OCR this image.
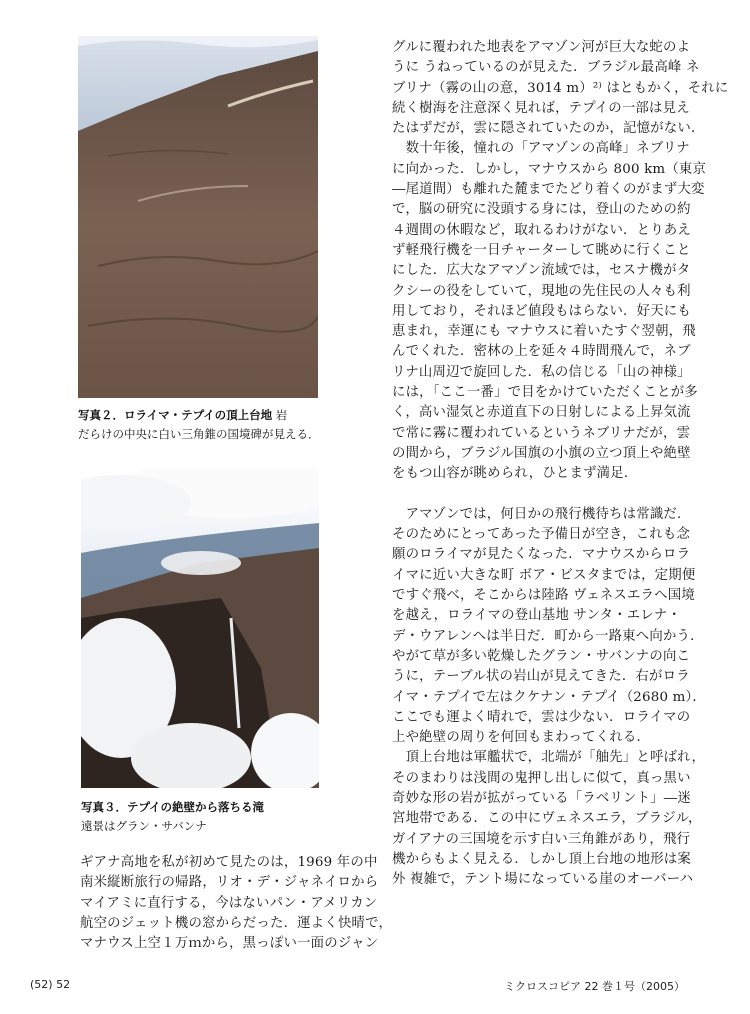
写真２．ロライマ・テプイの頂上台地 岩
だらけの中央に白い三角錐の国境碑が見える．
写真３．テプイの絶壁から落ちる滝
遠景はグラン・サバンナ

グルに覆われた地表をアマゾン河が巨大な蛇のよ

うに うねっているのが見えた．ブラジル最高峰 ネ

ブリナ（霧の山の意，3014 m）²⁾ はともかく，それに

続く樹海を注意深く見れば，テプイの一部は見え

たはずだが，雲に隠されていたのか，記憶がない．

　数十年後，憧れの「アマゾンの高峰」ネブリナ

に向かった．しかし，マナウスから 800 km（東京

―尾道間）も離れた麓までたどり着くのがまず大変

で，脳の研究に没頭する身には，登山のための約

４週間の休暇など，取れるわけがない．とりあえ

ず軽飛行機を一日チャーターして眺めに行くこと

にした．広大なアマゾン流域では，セスナ機がタ

クシーの役をしていて，現地の先住民の人々も利

用しており，それほど値段もはらない．好天にも

恵まれ，幸運にも マナウスに着いたすぐ翌朝，飛

んでくれた．密林の上を延々４時間飛んで，ネブ

リナ山周辺で旋回した．私の信じる「山の神様」

には，「ここ一番」で目をかけていただくことが多

く，高い湿気と赤道直下の日射しによる上昇気流

で常に霧に覆われているというネブリナだが，雲

の間から，ブラジル国旗の小旗の立つ頂上や絶壁

をもつ山容が眺められ，ひとまず満足．

　アマゾンでは，何日かの飛行機待ちは常識だ．

そのためにとってあった予備日が空き，これも念

願のロライマが見たくなった．マナウスからロラ

イマに近い大きな町 ボア・ビスタまでは，定期便

ですぐ飛べ，そこからは陸路 ヴェネスエラへ国境

を越え，ロライマの登山基地 サンタ・エレナ・

デ・ウアレンへは半日だ．町から一路東へ向かう．

やがて草が多い乾燥したグラン・サバンナの向こ

うに，テーブル状の岩山が見えてきた．右がロラ

イマ・テプイで左はクケナン・テプイ（2680 m）．

ここでも運よく晴れで，雲は少ない．ロライマの

上や絶壁の周りを何回もまわってくれる．

　頂上台地は軍艦状で，北端が「舳先」と呼ばれ，

そのまわりは浅間の鬼押し出しに似て，真っ黒い

奇妙な形の岩が拡がっている「ラベリント」―迷

宮地帯である．この中にヴェネスエラ，ブラジル，

ガイアナの三国境を示す白い三角錐があり，飛行

機からもよく見える．しかし頂上台地の地形は案

外 複雑で，テント場になっている崖のオーバーハ

ギアナ高地を私が初めて見たのは，1969 年の中

南米縦断旅行の帰路，リオ・デ・ジャネイロから

マイアミに直行する，今はないパン・アメリカン

航空のジェット機の窓からだった．運よく快晴で，

マナウス上空１万ｍから，黒っぽい一面のジャン

(52) 52	ミクロスコピア 22 巻１号（2005）
